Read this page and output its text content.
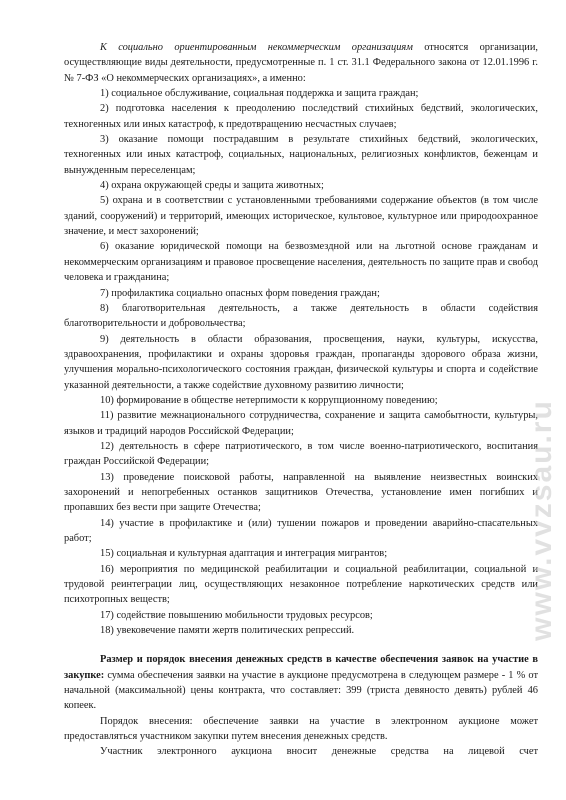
К социально ориентированным некоммерческим организациям относятся организации, осуществляющие виды деятельности, предусмотренные п. 1 ст. 31.1 Федерального закона от 12.01.1996 г. № 7-ФЗ «О некоммерческих организациях», а именно:

1) социальное обслуживание, социальная поддержка и защита граждан;

2) подготовка населения к преодолению последствий стихийных бедствий, экологических, техногенных или иных катастроф, к предотвращению несчастных случаев;

3) оказание помощи пострадавшим в результате стихийных бедствий, экологических, техногенных или иных катастроф, социальных, национальных, религиозных конфликтов, беженцам и вынужденным переселенцам;

4) охрана окружающей среды и защита животных;

5) охрана и в соответствии с установленными требованиями содержание объектов (в том числе зданий, сооружений) и территорий, имеющих историческое, культовое, культурное или природоохранное значение, и мест захоронений;

6) оказание юридической помощи на безвозмездной или на льготной основе гражданам и некоммерческим организациям и правовое просвещение населения, деятельность по защите прав и свобод человека и гражданина;

7) профилактика социально опасных форм поведения граждан;

8) благотворительная деятельность, а также деятельность в области содействия благотворительности и добровольчества;

9) деятельность в области образования, просвещения, науки, культуры, искусства, здравоохранения, профилактики и охраны здоровья граждан, пропаганды здорового образа жизни, улучшения морально-психологического состояния граждан, физической культуры и спорта и содействие указанной деятельности, а также содействие духовному развитию личности;

10) формирование в обществе нетерпимости к коррупционному поведению;

11) развитие межнационального сотрудничества, сохранение и защита самобытности, культуры, языков и традиций народов Российской Федерации;

12) деятельность в сфере патриотического, в том числе военно-патриотического, воспитания граждан Российской Федерации;

13) проведение поисковой работы, направленной на выявление неизвестных воинских захоронений и непогребенных останков защитников Отечества, установление имен погибших и пропавших без вести при защите Отечества;

14) участие в профилактике и (или) тушении пожаров и проведении аварийно-спасательных работ;

15) социальная и культурная адаптация и интеграция мигрантов;

16) мероприятия по медицинской реабилитации и социальной реабилитации, социальной и трудовой реинтеграции лиц, осуществляющих незаконное потребление наркотических средств или психотропных веществ;

17) содействие повышению мобильности трудовых ресурсов;

18) увековечение памяти жертв политических репрессий.

Размер и порядок внесения денежных средств в качестве обеспечения заявок на участие в закупке: сумма обеспечения заявки на участие в аукционе предусмотрена в следующем размере - 1 % от начальной (максимальной) цены контракта, что составляет: 399 (триста девяносто девять) рублей 46 копеек.

Порядок внесения: обеспечение заявки на участие в электронном аукционе может предоставляться участником закупки путем внесения денежных средств.

Участник электронного аукциона вносит денежные средства на лицевой счет

www.vvzsau.ru
